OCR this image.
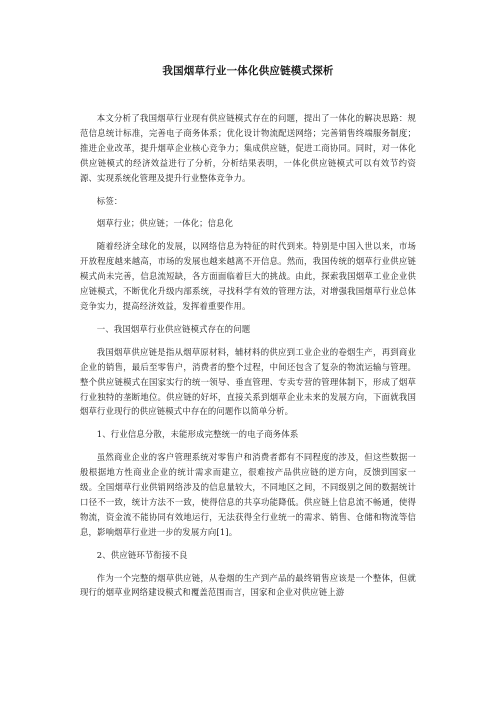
我国烟草行业一体化供应链模式探析

本文分析了我国烟草行业现有供应链模式存在的问题，提出了一体化的解决思路：规范信息统计标准，完善电子商务体系；优化设计物流配送网络；完善销售终端服务制度；推进企业改革，提升烟草企业核心竞争力；集成供应链，促进工商协同。同时，对一体化供应链模式的经济效益进行了分析，分析结果表明，一体化供应链模式可以有效节约资源、实现系统化管理及提升行业整体竞争力。

标签：

烟草行业；供应链；一体化；信息化

随着经济全球化的发展，以网络信息为特征的时代到来。特别是中国入世以来，市场开放程度越来越高，市场的发展也越来越离不开信息。然而，我国传统的烟草行业供应链模式尚未完善，信息流短缺，各方面面临着巨大的挑战。由此，探索我国烟草工业企业供应链模式，不断优化升级内部系统，寻找科学有效的管理方法，对增强我国烟草行业总体竞争实力，提高经济效益，发挥着重要作用。

一、我国烟草行业供应链模式存在的问题

我国烟草供应链是指从烟草原材料，辅材料的供应到工业企业的卷烟生产，再到商业企业的销售，最后至零售户，消费者的整个过程，中间还包含了复杂的物流运输与管理。整个供应链模式在国家实行的统一领导、垂直管理、专卖专营的管理体制下，形成了烟草行业独特的垄断地位。供应链的好坏，直接关系到烟草企业未来的发展方向，下面就我国烟草行业现行的供应链模式中存在的问题作以简单分析。

1、行业信息分散，未能形成完整统一的电子商务体系

虽然商业企业的客户管理系统对零售户和消费者都有不同程度的涉及，但这些数据一般根据地方性商业企业的统计需求而建立，很难按产品供应链的逆方向，反馈到国家一级。全国烟草行业供销网络涉及的信息量较大，不同地区之间，不同级别之间的数据统计口径不一致，统计方法不一致，使得信息的共享功能降低。供应链上信息流不畅通，使得物流，资金流不能协同有效地运行，无法获得全行业统一的需求、销售、仓储和物流等信息，影响烟草行业进一步的发展方向[1]。

2、供应链环节衔接不良

作为一个完整的烟草供应链，从卷烟的生产到产品的最终销售应该是一个整体，但就现行的烟草业网络建设模式和覆盖范围而言，国家和企业对供应链上游
